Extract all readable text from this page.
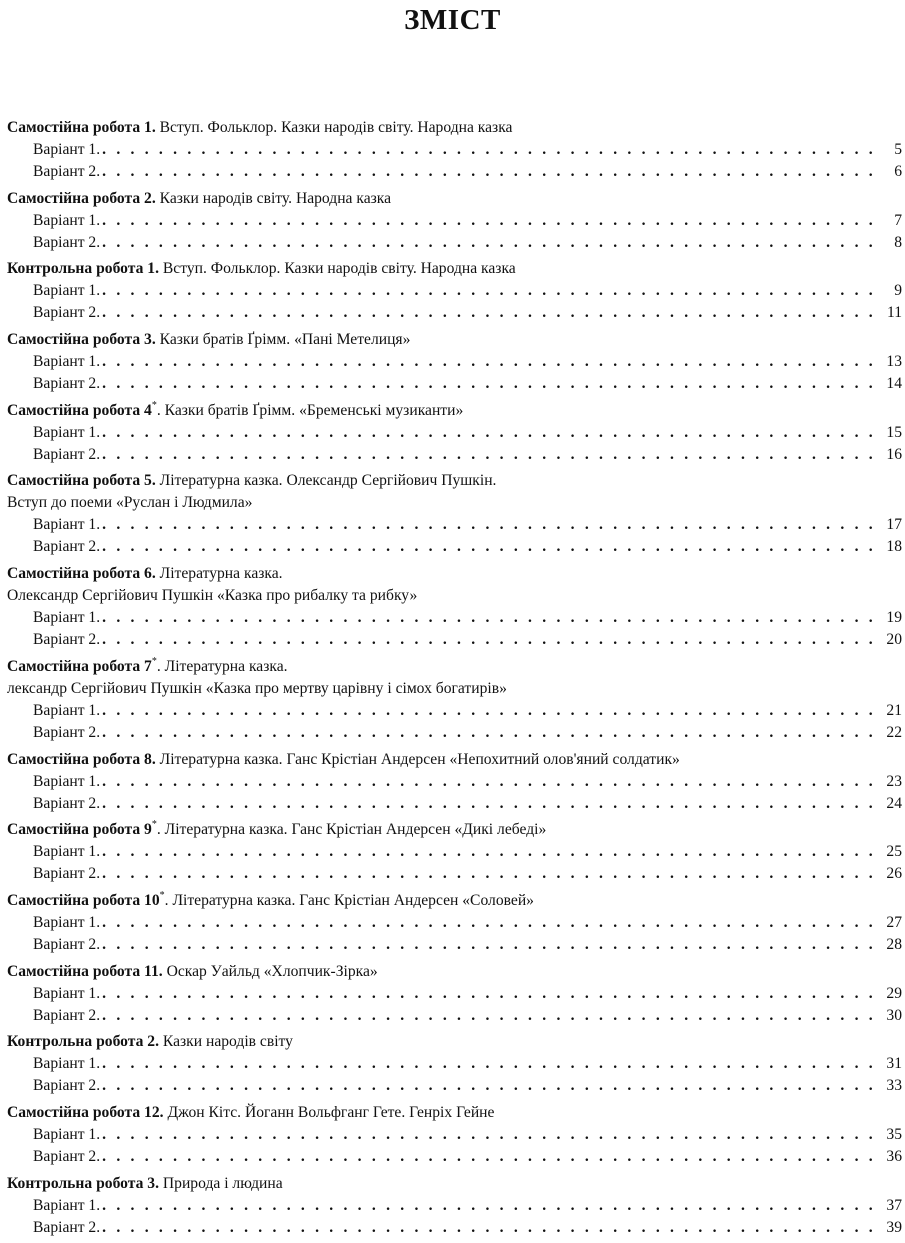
ЗМІСТ
Самостійна робота 1. Вступ. Фольклор. Казки народів світу. Народна казка
Варіант 1. . . .	5
Варіант 2. . . .	6
Самостійна робота 2. Казки народів світу. Народна казка
Варіант 1. . . .	7
Варіант 2. . . .	8
Контрольна робота 1. Вступ. Фольклор. Казки народів світу. Народна казка
Варіант 1. . . .	9
Варіант 2. . . .	11
Самостійна робота 3. Казки братів Ґрімм. «Пані Метелиця»
Варіант 1. . . .	13
Варіант 2. . . .	14
Самостійна робота 4*. Казки братів Ґрімм. «Бременські музиканти»
Варіант 1. . . .	15
Варіант 2. . . .	16
Самостійна робота 5. Літературна казка. Олександр Сергійович Пушкін.
Вступ до поеми «Руслан і Людмила»
Варіант 1. . . .	17
Варіант 2. . . .	18
Самостійна робота 6. Літературна казка.
Олександр Сергійович Пушкін «Казка про рибалку та рибку»
Варіант 1. . . .	19
Варіант 2. . . .	20
Самостійна робота 7*. Літературна казка.
лександр Сергійович Пушкін «Казка про мертву царівну і сімох богатирів»
Варіант 1. . . .	21
Варіант 2. . . .	22
Самостійна робота 8. Літературна казка. Ганс Крістіан Андерсен «Непохитний олов'яний солдатик»
Варіант 1. . . .	23
Варіант 2. . . .	24
Самостійна робота 9*. Літературна казка. Ганс Крістіан Андерсен «Дикі лебеді»
Варіант 1. . . .	25
Варіант 2. . . .	26
Самостійна робота 10*. Літературна казка. Ганс Крістіан Андерсен «Соловей»
Варіант 1. . . .	27
Варіант 2. . . .	28
Самостійна робота 11. Оскар Уайльд «Хлопчик-Зірка»
Варіант 1. . . .	29
Варіант 2. . . .	30
Контрольна робота 2. Казки народів світу
Варіант 1. . . .	31
Варіант 2. . . .	33
Самостійна робота 12. Джон Кітс. Йоганн Вольфганг Гете. Генріх Гейне
Варіант 1. . . .	35
Варіант 2. . . .	36
Контрольна робота 3. Природа і людина
Варіант 1. . . .	37
Варіант 2. . . .	39
